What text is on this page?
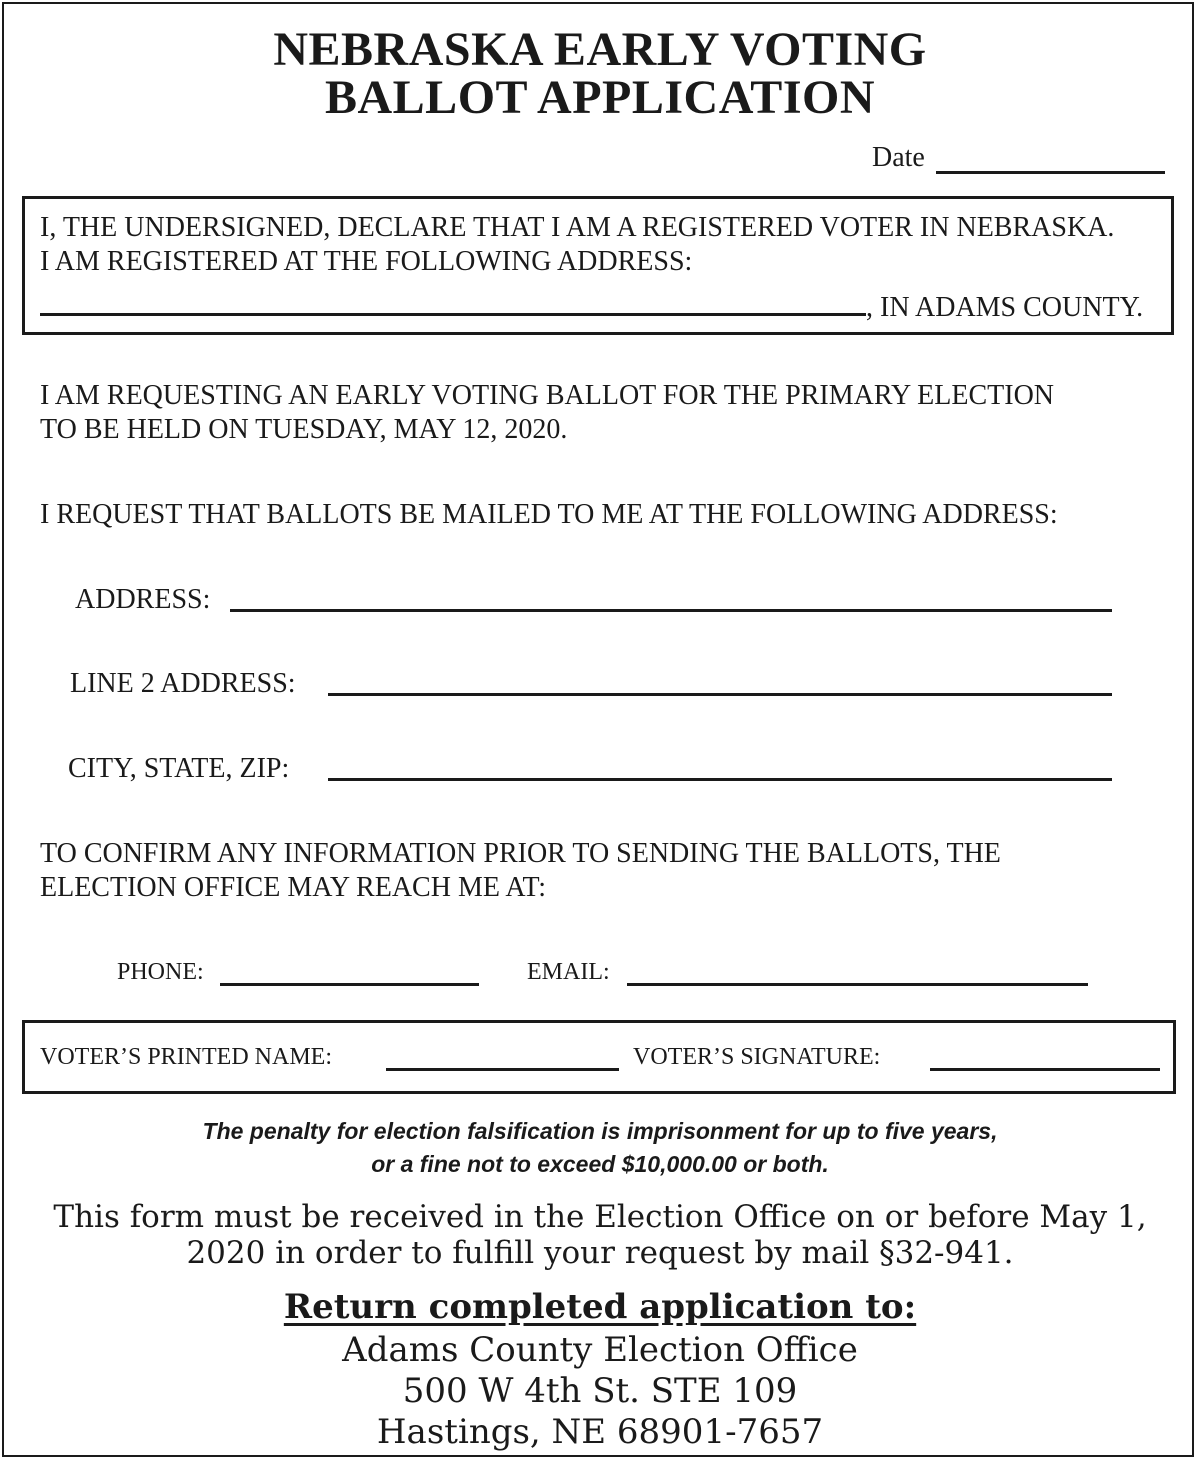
NEBRASKA EARLY VOTING
BALLOT APPLICATION
Date
I, THE UNDERSIGNED, DECLARE THAT I AM A REGISTERED VOTER IN NEBRASKA.
I AM REGISTERED AT THE FOLLOWING ADDRESS:
, IN ADAMS COUNTY.
I AM REQUESTING AN EARLY VOTING BALLOT FOR THE PRIMARY ELECTION
TO BE HELD ON TUESDAY, MAY 12, 2020.
I REQUEST THAT BALLOTS BE MAILED TO ME AT THE FOLLOWING ADDRESS:
ADDRESS:
LINE 2 ADDRESS:
CITY, STATE, ZIP:
TO CONFIRM ANY INFORMATION PRIOR TO SENDING THE BALLOTS, THE
ELECTION OFFICE MAY REACH ME AT:
PHONE:	EMAIL:
VOTER’S PRINTED NAME:	VOTER’S SIGNATURE:
The penalty for election falsification is imprisonment for up to five years,
or a fine not to exceed $10,000.00 or both.
This form must be received in the Election Office on or before May 1,
2020 in order to fulfill your request by mail §32-941.
Return completed application to:
Adams County Election Office
500 W 4th St. STE 109
Hastings, NE 68901-7657
